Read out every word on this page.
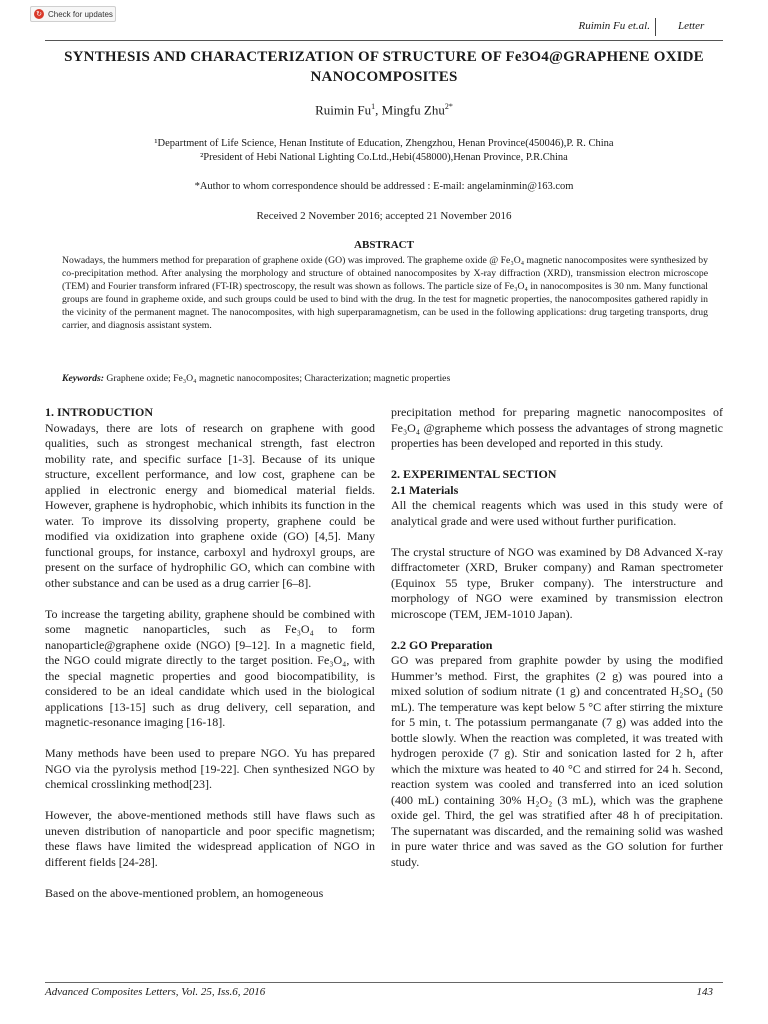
↻ Check for updates
Ruimin Fu et.al.	Letter
SYNTHESIS AND CHARACTERIZATION OF STRUCTURE OF Fe3O4@GRAPHENE OXIDE NANOCOMPOSITES
Ruimin Fu$^1$, Mingfu Zhu$^{2*}$
¹Department of Life Science, Henan Institute of Education, Zhengzhou, Henan Province(450046),P. R. China
²President of Hebi National Lighting Co.Ltd.,Hebi(458000),Henan Province, P.R.China
*Author to whom correspondence should be addressed : E-mail: angelaminmin@163.com
Received 2 November 2016; accepted 21 November 2016
ABSTRACT
Nowadays, the hummers method for preparation of graphene oxide (GO) was improved. The grapheme oxide @ Fe₃O₄ magnetic nanocomposites were synthesized by co-precipitation method. After analysing the morphology and structure of obtained nanocomposites by X-ray diffraction (XRD), transmission electron microscope (TEM) and Fourier transform infrared (FT-IR) spectroscopy, the result was shown as follows. The particle size of Fe₃O₄ in nanocomposites is 30 nm. Many functional groups are found in grapheme oxide, and such groups could be used to bind with the drug. In the test for magnetic properties, the nanocomposites gathered rapidly in the vicinity of the permanent magnet. The nanocomposites, with high superparamagnetism, can be used in the following applications: drug targeting transports, drug carrier, and diagnosis assistant system.
Keywords: Graphene oxide; Fe₃O₄ magnetic nanocomposites; Characterization; magnetic properties
1. INTRODUCTION

Nowadays, there are lots of research on graphene with good qualities, such as strongest mechanical strength, fast electron mobility rate, and specific surface [1-3]. Because of its unique structure, excellent performance, and low cost, graphene can be applied in electronic energy and biomedical material fields. However, graphene is hydrophobic, which inhibits its function in the water. To improve its dissolving property, graphene could be modified via oxidization into graphene oxide (GO) [4,5]. Many functional groups, for instance, carboxyl and hydroxyl groups, are present on the surface of hydrophilic GO, which can combine with other substance and can be used as a drug carrier [6–8].

To increase the targeting ability, graphene should be combined with some magnetic nanoparticles, such as Fe₃O₄ to form nanoparticle@graphene oxide (NGO) [9–12]. In a magnetic field, the NGO could migrate directly to the target position. Fe₃O₄, with the special magnetic properties and good biocompatibility, is considered to be an ideal candidate which used in the biological applications [13-15] such as drug delivery, cell separation, and magnetic-resonance imaging [16-18].

Many methods have been used to prepare NGO. Yu has prepared NGO via the pyrolysis method [19-22]. Chen synthesized NGO by chemical crosslinking method[23].

However, the above-mentioned methods still have flaws such as uneven distribution of nanoparticle and poor specific magnetism; these flaws have limited the widespread application of NGO in different fields [24-28].

Based on the above-mentioned problem, an homogeneous

precipitation method for preparing magnetic nanocomposites of Fe₃O₄ @grapheme which possess the advantages of strong magnetic properties has been developed and reported in this study.

2. EXPERIMENTAL SECTION
2.1 Materials

All the chemical reagents which was used in this study were of analytical grade and were used without further purification.

The crystal structure of NGO was examined by D8 Advanced X-ray diffractometer (XRD, Bruker company) and Raman spectrometer (Equinox 55 type, Bruker company). The interstructure and morphology of NGO were examined by transmission electron microscope (TEM, JEM-1010 Japan).

2.2 GO Preparation

GO was prepared from graphite powder by using the modified Hummer’s method. First, the graphites (2 g) was poured into a mixed solution of sodium nitrate (1 g) and concentrated H₂SO₄ (50 mL). The temperature was kept below 5 °C after stirring the mixture for 5 min, t. The potassium permanganate (7 g) was added into the bottle slowly. When the reaction was completed, it was treated with hydrogen peroxide (7 g). Stir and sonication lasted for 2 h, after which the mixture was heated to 40 °C and stirred for 24 h. Second, reaction system was cooled and transferred into an iced solution (400 mL) containing 30% H₂O₂ (3 mL), which was the graphene oxide gel. Third, the gel was stratified after 48 h of precipitation. The supernatant was discarded, and the remaining solid was washed in pure water thrice and was saved as the GO solution for further study.

Advanced Composites Letters, Vol. 25, Iss.6, 2016	143
